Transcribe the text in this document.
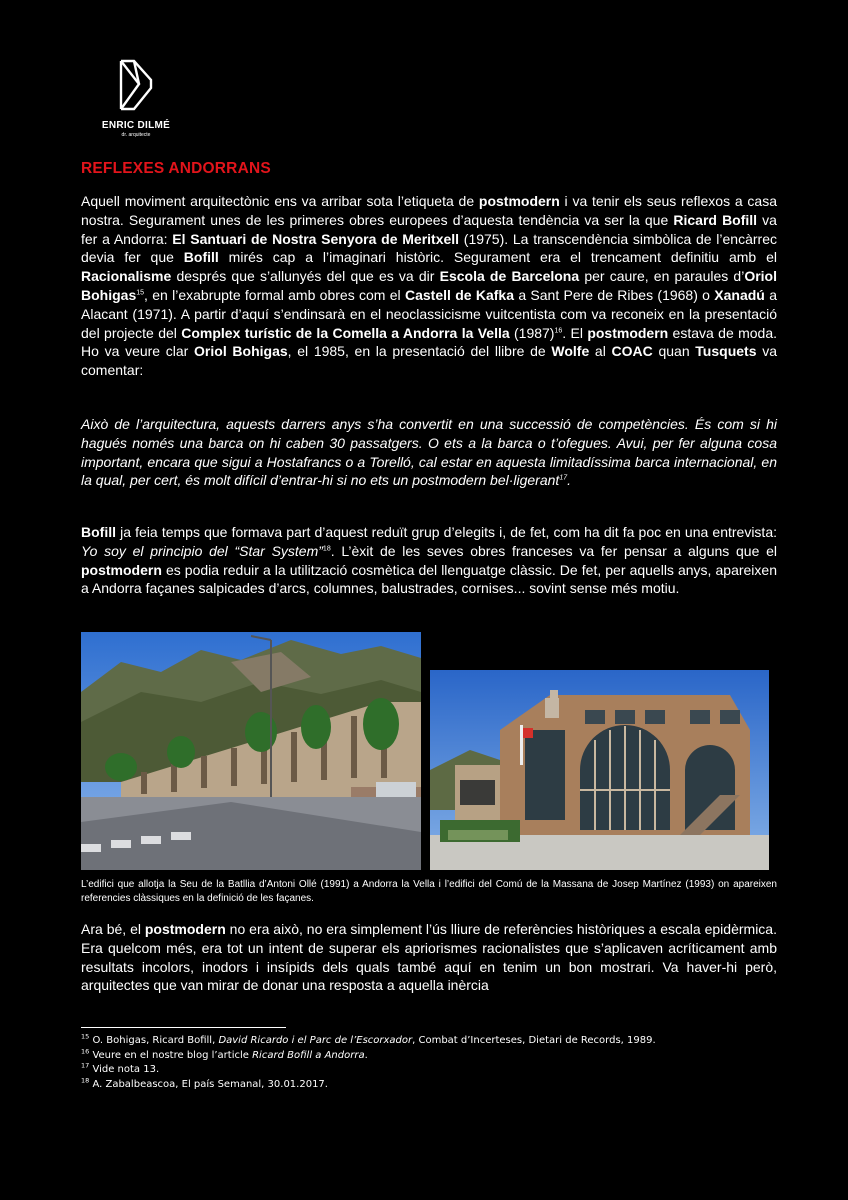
ENRIC DILMÉ
dr. arquitecte
REFLEXES ANDORRANS

Aquell moviment arquitectònic ens va arribar sota l’etiqueta de postmodern i va tenir els seus reflexos a casa nostra. Segurament unes de les primeres obres europees d’aquesta tendència va ser la que Ricard Bofill va fer a Andorra: El Santuari de Nostra Senyora de Meritxell (1975). La transcendència simbòlica de l’encàrrec devia fer que Bofill mirés cap a l’imaginari històric. Segurament era el trencament definitiu amb el Racionalisme després que s’allunyés del que es va dir Escola de Barcelona per caure, en paraules d’Oriol Bohigas$^{15}$, en l’exabrupte formal amb obres com el Castell de Kafka a Sant Pere de Ribes (1968) o Xanadú a Alacant (1971). A partir d’aquí s’endinsarà en el neoclassicisme vuitcentista com va reconeix en la presentació del projecte del Complex turístic de la Comella a Andorra la Vella $(1987)^{16}$. El postmodern estava de moda. Ho va veure clar Oriol Bohigas, el 1985, en la presentació del llibre de Wolfe al COAC quan Tusquets va comentar:

Això de l’arquitectura, aquests darrers anys s’ha convertit en una successió de competències. És com si hi hagués només una barca on hi caben 30 passatgers. O ets a la barca o t’ofegues. Avui, per fer alguna cosa important, encara que sigui a Hostafrancs o a Torelló, cal estar en aquesta limitadíssima barca internacional, en la qual, per cert, és molt difícil d’entrar-hi si no ets un postmodern bel·ligerant$^{17}$.

Bofill ja feia temps que formava part d’aquest reduït grup d’elegits i, de fet, com ha dit fa poc en una entrevista: Yo soy el principio del “Star System”$^{18}$. L’èxit de les seves obres franceses va fer pensar a alguns que el postmodern es podia reduir a la utilització cosmètica del llenguatge clàssic. De fet, per aquells anys, apareixen a Andorra façanes salpicades d’arcs, columnes, balustrades, cornises... sovint sense més motiu.

L’edifici que allotja la Seu de la Batllia d’Antoni Ollé (1991) a Andorra la Vella i l’edifici del Comú de la Massana de Josep Martínez (1993) on apareixen referencies clàssiques en la definició de les façanes.

Ara bé, el postmodern no era això, no era simplement l’ús lliure de referències històriques a escala epidèrmica. Era quelcom més, era tot un intent de superar els apriorismes racionalistes que s’aplicaven acríticament amb resultats incolors, inodors i insípids dels quals també aquí en tenim un bon mostrari. Va haver-hi però, arquitectes que van mirar de donar una resposta a aquella inèrcia

$^{15}$ O. Bohigas, Ricard Bofill, David Ricardo i el Parc de l’Escorxador, Combat d’Incerteses, Dietari de Records, 1989.
$^{16}$ Veure en el nostre blog l’article Ricard Bofill a Andorra.
$^{17}$ Vide nota 13.
$^{18}$ A. Zabalbeascoa, El país Semanal, 30.01.2017.
